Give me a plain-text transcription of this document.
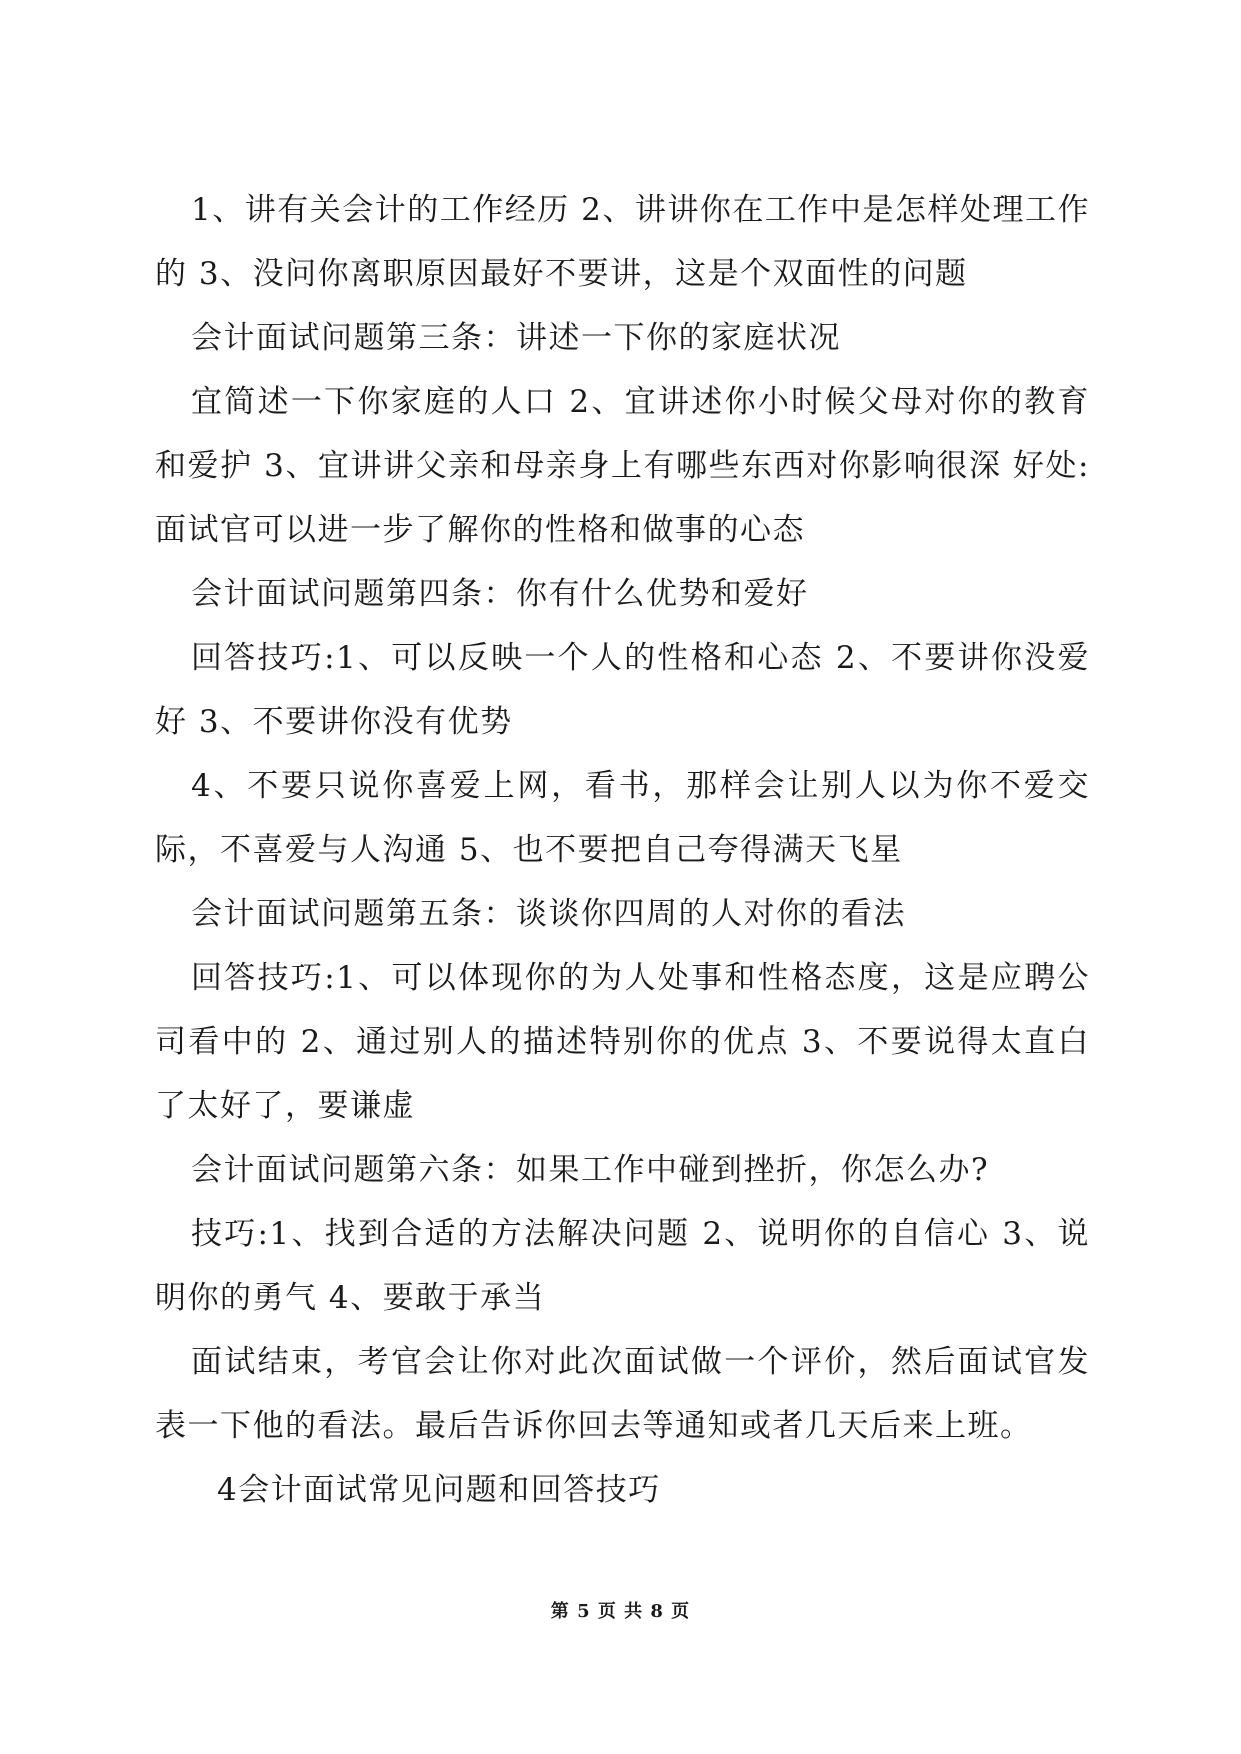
1、讲有关会计的工作经历 2、讲讲你在工作中是怎样处理工作的 3、没问你离职原因最好不要讲，这是个双面性的问题

会计面试问题第三条：讲述一下你的家庭状况

宜简述一下你家庭的人口 2、宜讲述你小时候父母对你的教育和爱护 3、宜讲讲父亲和母亲身上有哪些东西对你影响很深 好处:面试官可以进一步了解你的性格和做事的心态

会计面试问题第四条：你有什么优势和爱好

回答技巧:1、可以反映一个人的性格和心态 2、不要讲你没爱好 3、不要讲你没有优势

4、不要只说你喜爱上网，看书，那样会让别人以为你不爱交际，不喜爱与人沟通 5、也不要把自己夸得满天飞星

会计面试问题第五条：谈谈你四周的人对你的看法

回答技巧:1、可以体现你的为人处事和性格态度，这是应聘公司看中的 2、通过别人的描述特别你的优点 3、不要说得太直白了太好了，要谦虚

会计面试问题第六条：如果工作中碰到挫折，你怎么办?

技巧:1、找到合适的方法解决问题 2、说明你的自信心 3、说明你的勇气 4、要敢于承当

面试结束，考官会让你对此次面试做一个评价，然后面试官发表一下他的看法。最后告诉你回去等通知或者几天后来上班。

4会计面试常见问题和回答技巧

第 5 页 共 8 页
